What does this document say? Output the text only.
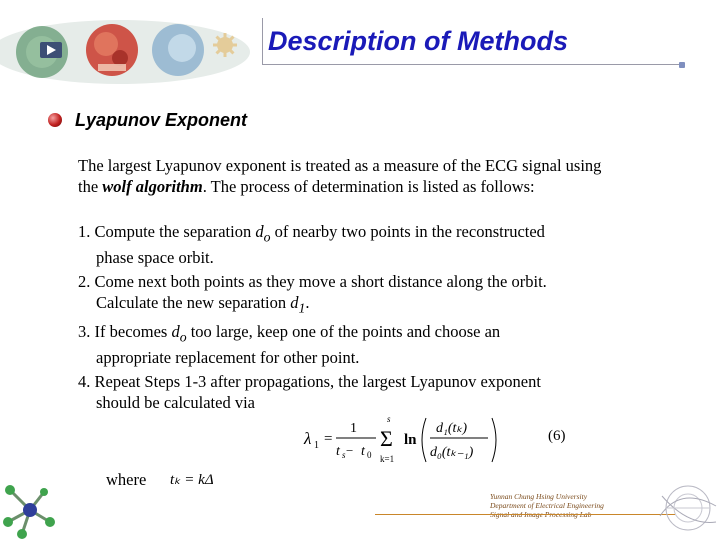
Description of Methods
Lyapunov Exponent
The largest Lyapunov exponent is treated as a measure of the ECG signal using
the wolf algorithm. The process of determination is listed as follows:
1. Compute the separation $d_o$ of nearby two points in the reconstructed
phase space orbit.
2. Come next both points as they move a short distance along the orbit.
Calculate the new separation $d_1$.
3. If becomes $d_o$ too large, keep one of the points and choose an
appropriate replacement for other point.
4. Repeat Steps 1-3 after propagations, the largest Lyapunov exponent
should be calculated via
λ 1 =
1
t s − t 0
s
Σ
k=1
ln
d₁(tₖ)
d₀(tₖ₋₁)
(6)
where tₖ = kΔ
Yunnan Chung Hsing University
Department of Electrical Engineering
